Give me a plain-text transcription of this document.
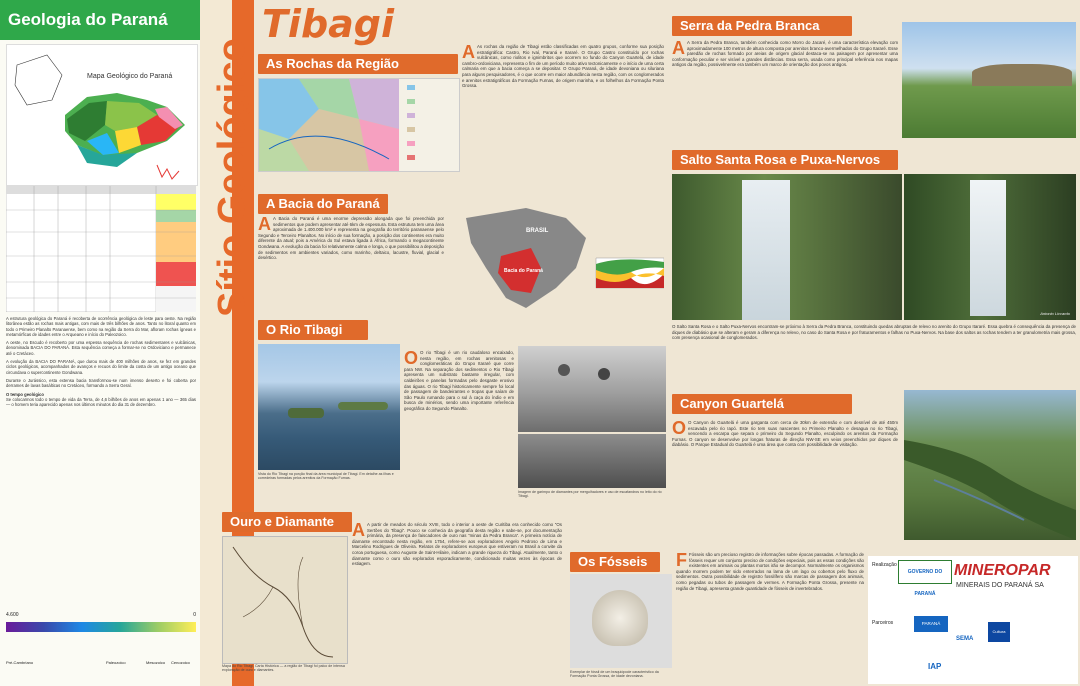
Geologia do Paraná
Mapa Geológico do Paraná

A estrutura geológica do Paraná é recoberta de ocorrência geológica de leste para oeste. Na região litorânea estão as rochas mais antigas, com mais de três bilhões de anos. Tanto no litoral quanto em todo o Primeiro Planalto Paranaense, bem como na região da Serra do Mar, afloram rochas ígneas e metamórficas de idades entre o Arqueano e início do Paleozoico.

A oeste, no Escudo é recoberto por uma espessa sequência de rochas sedimentares e vulcânicas, denominada BACIA DO PARANÁ. Esta sequência começa a formar-se no Ordoviciano e permanece até o Cretáceo.

A evolução da BACIA DO PARANÁ, que durou mais de 400 milhões de anos, se fez em grandes ciclos geológicos, acompanhados de avanços e recuos do limite da costa de um antigo oceano que circundava o supercontinente Gondwana.

Durante o Jurássico, esta extensa bacia transformou-se num imenso deserto e foi coberta por derrames de lavas basálticas no Cretáceo, formando a Serra Geral.

O tempo geológico

Se colocarmos todo o tempo de vida da Terra, de 4,6 bilhões de anos em apenas 1 ano — 365 dias — o homem teria aparecido apenas nos últimos minutos do dia 31 de dezembro.

4.600	0
Pré-Cambriano	Paleozoico	Mesozoico Cenozoico
Sítio Geológico
Tibagi
As Rochas da Região
A As rochas da região de Tibagi estão classificadas em quatro grupos, conforme sua posição estratigráfica: Castro, Rio Ivaí, Paraná e Itararé. O Grupo Castro constituído por rochas vulcânicas, como riolitos e ignimbritos que ocorrem no fundo do Canyon Guartelá, de idade cambro-ordoviciana, representa o fim de um período muito ativo tectonicamente e o início de uma certa calmaria em que a bacia começa a se depositar. O Grupo Paraná, de idade devoniana ou siluriana para alguns pesquisadores, é o que ocorre em maior abundância nesta região, com os conglomerados e arenitos estratigráficos da Formação Furnas, de origem marinha, e os folhelhos da Formação Ponta Grossa.
A Bacia do Paraná
A A Bacia do Paraná é uma enorme depressão alongada que foi preenchida por sedimentos que podem apresentar até 6km de espessura. Esta estrutura tem uma área aproximada de 1.400.000 km² e representa na geografia do território paranaense pelo Segundo e Terceiro Planaltos. No início de sua formação, a posição dos continentes era muito diferente da atual; pois a América do Sul estava ligada à África, formando o megacontinente Gondwana. A evolução da bacia foi relativamente calma e longa, o que possibilitou a deposição de sedimentos em ambientes variados, como marinho, deltaico, lacustre, fluvial, glacial e desértico.
Bacia do Paraná
BRASIL
O Rio Tibagi
Vista do Rio Tibagi na porção final da área municipal de Tibagi. Em detalhe as ilhas e corredeiras formadas pelos arenitos da Formação Furnas.
O O rio Tibagi é um rio caudaloso encaixado, nesta região, em rochas arenitosas e conglomeráticas do Grupo Itararé que corre para NW. Na separação dos sedimentos o Rio Tibagi apresenta um substrato bastante irregular, com caldeirões e panelas formadas pelo desgaste erosivo das águas. O rio Tibagi historicamente sempre foi local de passagem de bandeirantes e tropas que saíam de São Paulo rumando para o sul à caça do índio e em busca de minérios, sendo uma importante referência geográfica do Segundo Planalto.
Imagem de garimpo de diamantes por mergulhadores e uso de escafandros no leito do rio Tibagi.
Ouro e Diamante
Mapa do Rio Tibagi, Carta Histórica — a região de Tibagi foi palco de intensa exploração de ouro e diamantes.
A A partir de meados do século XVIII, todo o interior a oeste de Curitiba era conhecido como “Os Sertões do Tibagi”. Pouco se conhecia da geografia desta região e sabe-se, por documentação primária, da presença de faiscadores de ouro nas “minas da Pedra Branca”. A primeira notícia de diamante encontrado nesta região, em 1754, refere-se aos exploradores Angelo Pedroso de Lima e Marcelino Rodrigues de Oliveira. Relatos de exploradores europeus que estiveram no Brasil a convite da coroa portuguesa, como Auguste de Saint-Hilaire, indicam a grande riqueza do Tibagi. Atualmente, tanto o diamante como o ouro são explorados esporadicamente, condicionado muitas vezes às épocas de estiagem.	Os Fósseis
Exemplar de fóssil de um braquiópode característico da Formação Ponta Grossa, de idade devoniana.
F Fósseis são um precioso registro de informações sobre épocas passadas. A formação de fósseis requer um conjunto preciso de condições especiais, pois as essas condições são existentes em animais ou plantas mortos irão se decompor. Normalmente os organismos quando morrem podem ter sido enterrados na lama de um lago ou cobertos pelo fluxo de sedimentos. Outra possibilidade de registro fossilífero são marcas de passagem dos animais, como pegadas ou tubos de passagem de vermes. A Formação Ponta Grossa, presente na região de Tibagi, apresenta grande quantidade de fósseis de invertebrados.
Serra da Pedra Branca
A A Serra da Pedra Branca, também conhecida como Morro do Jacaré, é uma característica elevação com aproximadamente 100 metros de altura composta por arenitos branco-avermelhados do Grupo Itararé. Esse paredão de rochas formado por areias de origem glacial destaca-se na paisagem por apresentar uma conformação peculiar e ser visível a grandes distâncias. Essa serra, usada como principal referência nos mapas antigos da região, possivelmente era também um marco de orientação dos povos antigos.
Salto Santa Rosa e Puxa-Nervos
Antonio Liccardo
O Salto Santa Rosa e o Salto Puxa-Nervos encontram-se próximo à Serra da Pedra Branca, constituindo quedas abruptas de relevo no arenito do Grupo Itararé. Essa quebra é consequência da presença de diques de diabásio que se alteram e geram a diferença no relevo, no caso do Santa Rosa e por fraturamentos e falhas no Puxa-Nervos. Na base dos saltos as rochas tendem a ter granulometria mais grossa, com presença ocasional de conglomerados.
Canyon Guartelá
O O Canyon do Guartelá é uma garganta com cerca de 30km de extensão e com desnível de até 450m escavada pelo rio Iapó. Este rio tem suas nascentes no Primeiro Planalto e desagua no rio Tibagi, vencendo a escarpa que separa o primeiro do Segundo Planalto, esculpindo os arenitos da Formação Furnas. O canyon se desenvolve por longas fraturas de direção NW-SE em veios preenchidos por diques de diabásio. O Parque Estadual do Guartelá é uma área que conta com possibilidade de visitação.
Realização
GOVERNO DO PARANÁ
MINEROPAR
MINERAIS DO PARANÁ SA
Parceiros	PARANÁ TURISMO	SEMA
Cultura
IAP
